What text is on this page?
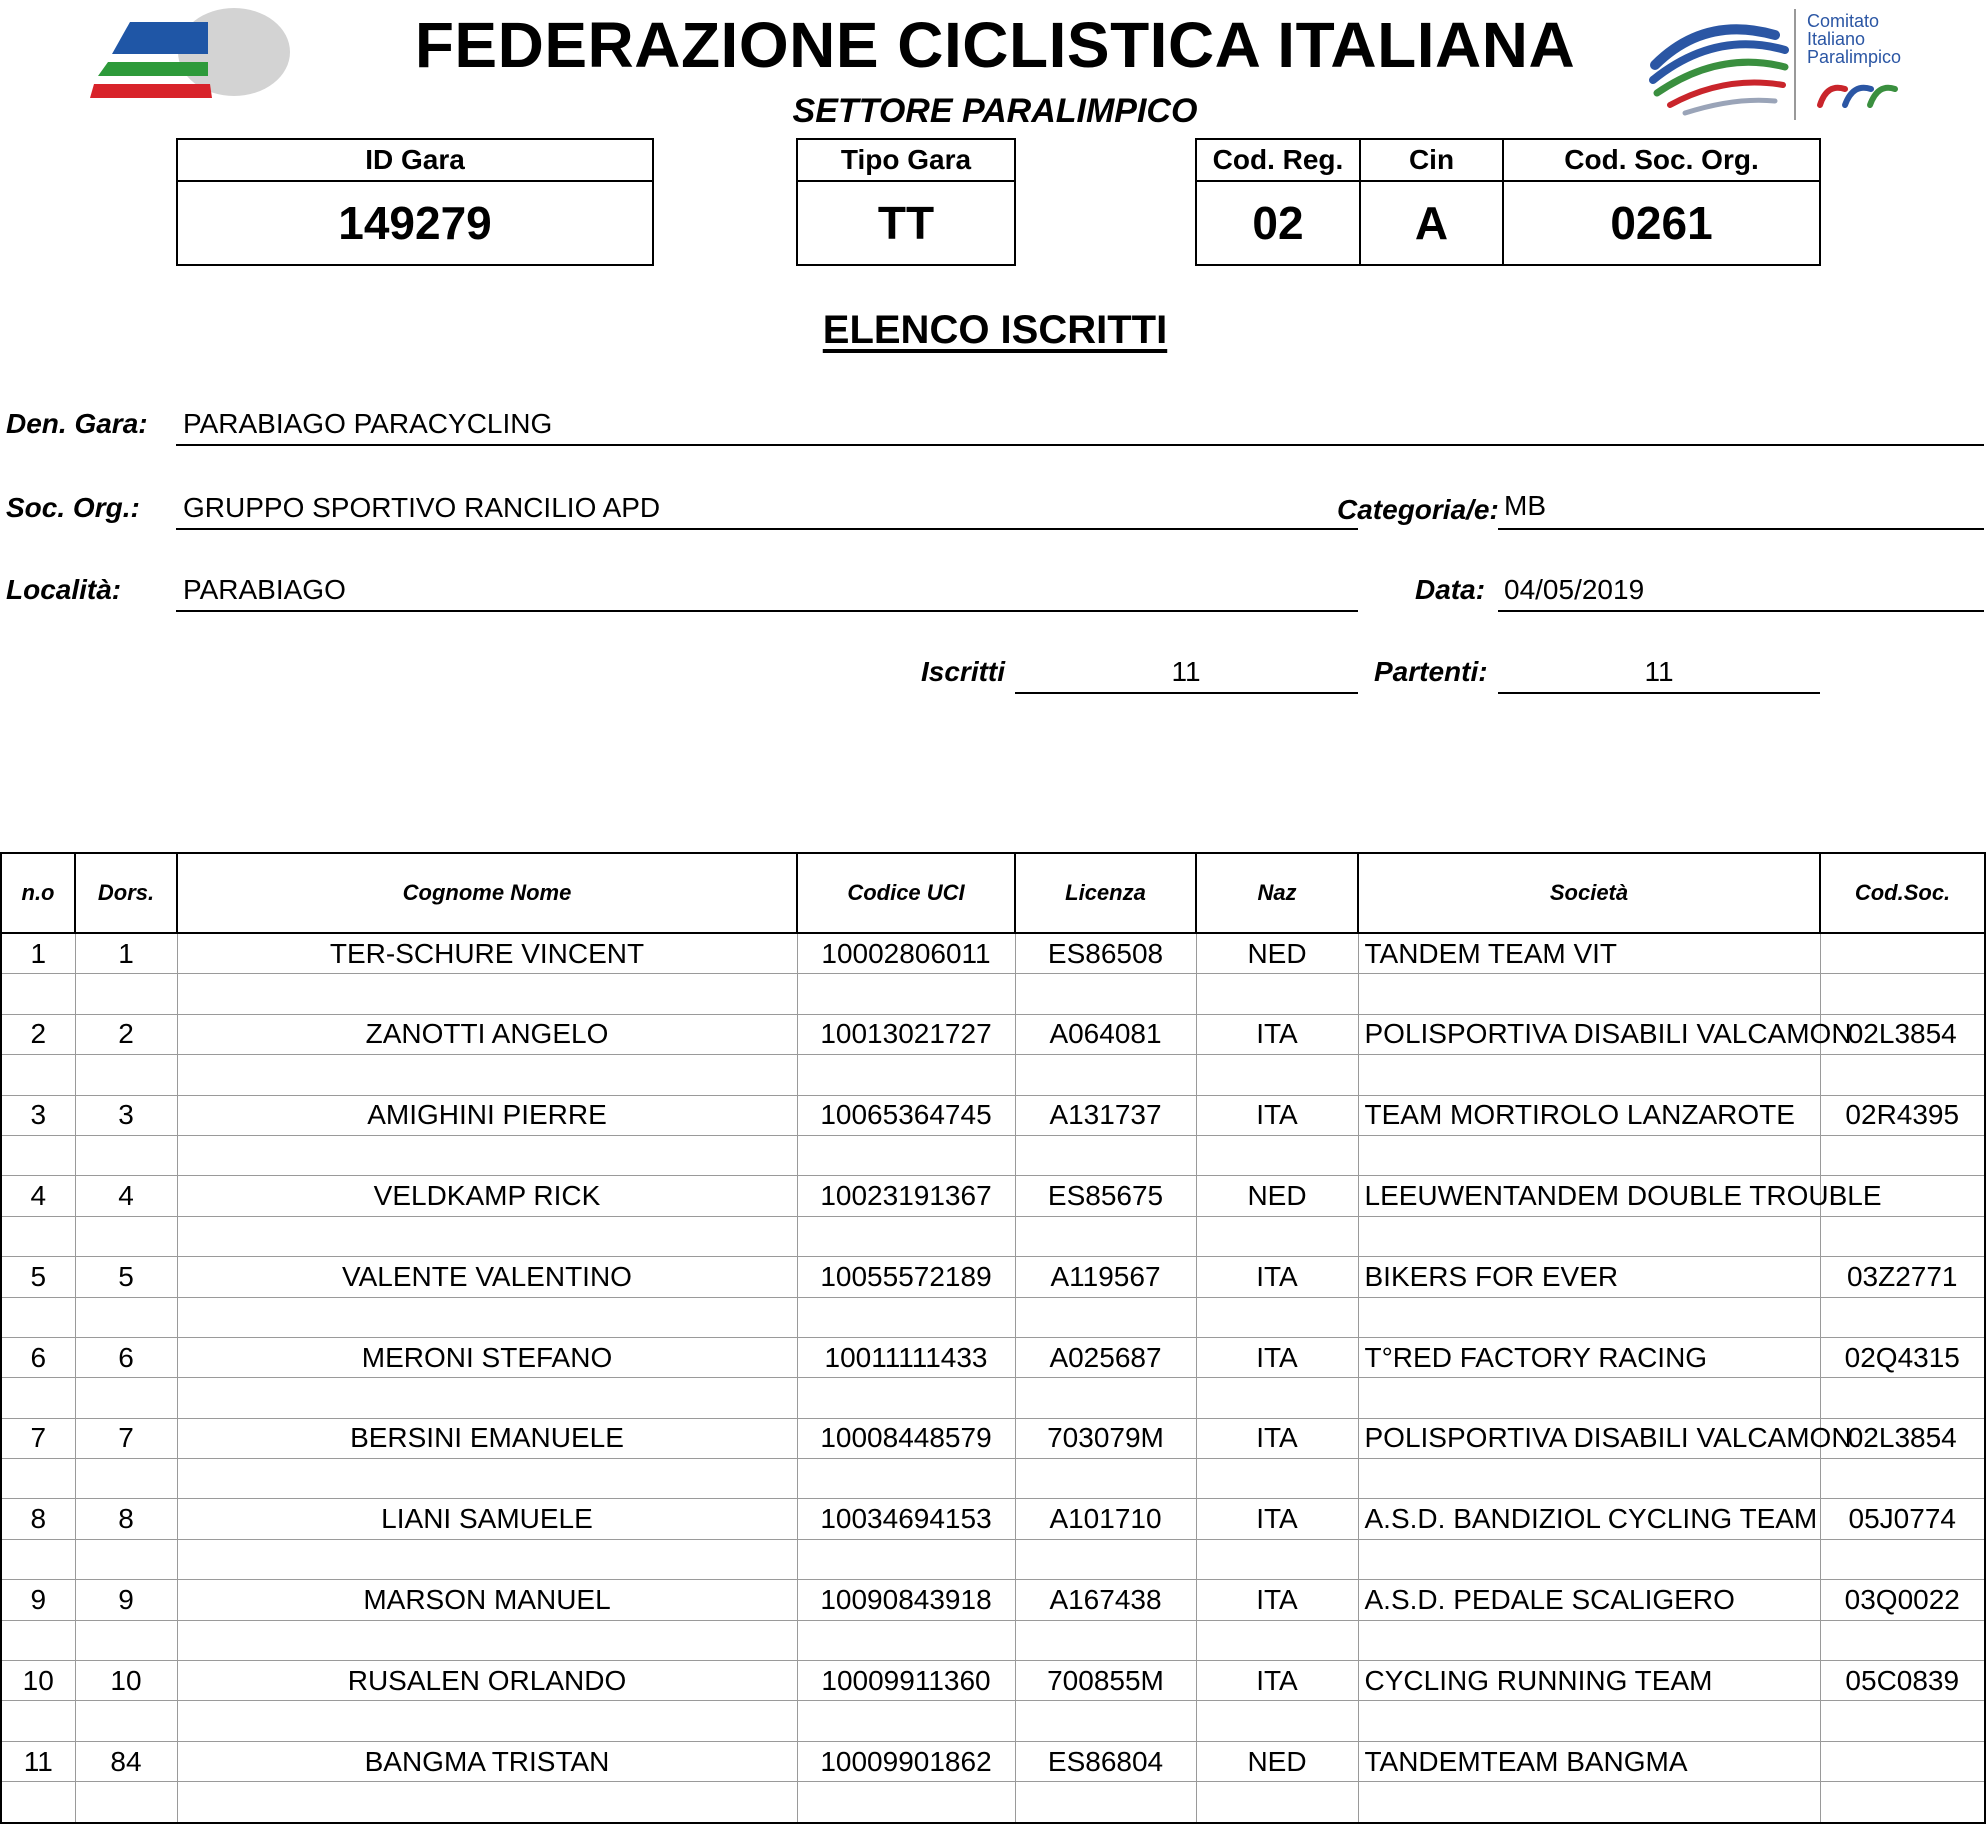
Comitato
Italiano
Paralimpico
FEDERAZIONE CICLISTICA ITALIANA
SETTORE PARALIMPICO
ID Gara
149279
Tipo Gara
TT
Cod. Reg.
02
Cin
A
Cod. Soc. Org.
0261
ELENCO ISCRITTI
Den. Gara: PARABIAGO PARACYCLING
Soc. Org.: GRUPPO SPORTIVO RANCILIO APD	Categoria/e: MB
Località: PARABIAGO	Data: 04/05/2019
Iscritti	11	Partenti:	11
n.o	Dors.	Cognome Nome	Codice UCI	Licenza	Naz	Società	Cod.Soc.
1	1	TER-SCHURE VINCENT	10002806011	ES86508	NED	TANDEM TEAM VIT	

2	2	ZANOTTI ANGELO	10013021727	A064081	ITA	POLISPORTIVA DISABILI VALCAMON	02L3854

3	3	AMIGHINI PIERRE	10065364745	A131737	ITA	TEAM MORTIROLO LANZAROTE	02R4395

4	4	VELDKAMP RICK	10023191367	ES85675	NED	LEEUWENTANDEM DOUBLE TROUBLE	

5	5	VALENTE VALENTINO	10055572189	A119567	ITA	BIKERS FOR EVER	03Z2771

6	6	MERONI STEFANO	10011111433	A025687	ITA	T°RED FACTORY RACING	02Q4315

7	7	BERSINI EMANUELE	10008448579	703079M	ITA	POLISPORTIVA DISABILI VALCAMON	02L3854

8	8	LIANI SAMUELE	10034694153	A101710	ITA	A.S.D. BANDIZIOL CYCLING TEAM	05J0774

9	9	MARSON MANUEL	10090843918	A167438	ITA	A.S.D. PEDALE SCALIGERO	03Q0022

10	10	RUSALEN ORLANDO	10009911360	700855M	ITA	CYCLING RUNNING TEAM	05C0839

11	84	BANGMA TRISTAN	10009901862	ES86804	NED	TANDEMTEAM BANGMA	
